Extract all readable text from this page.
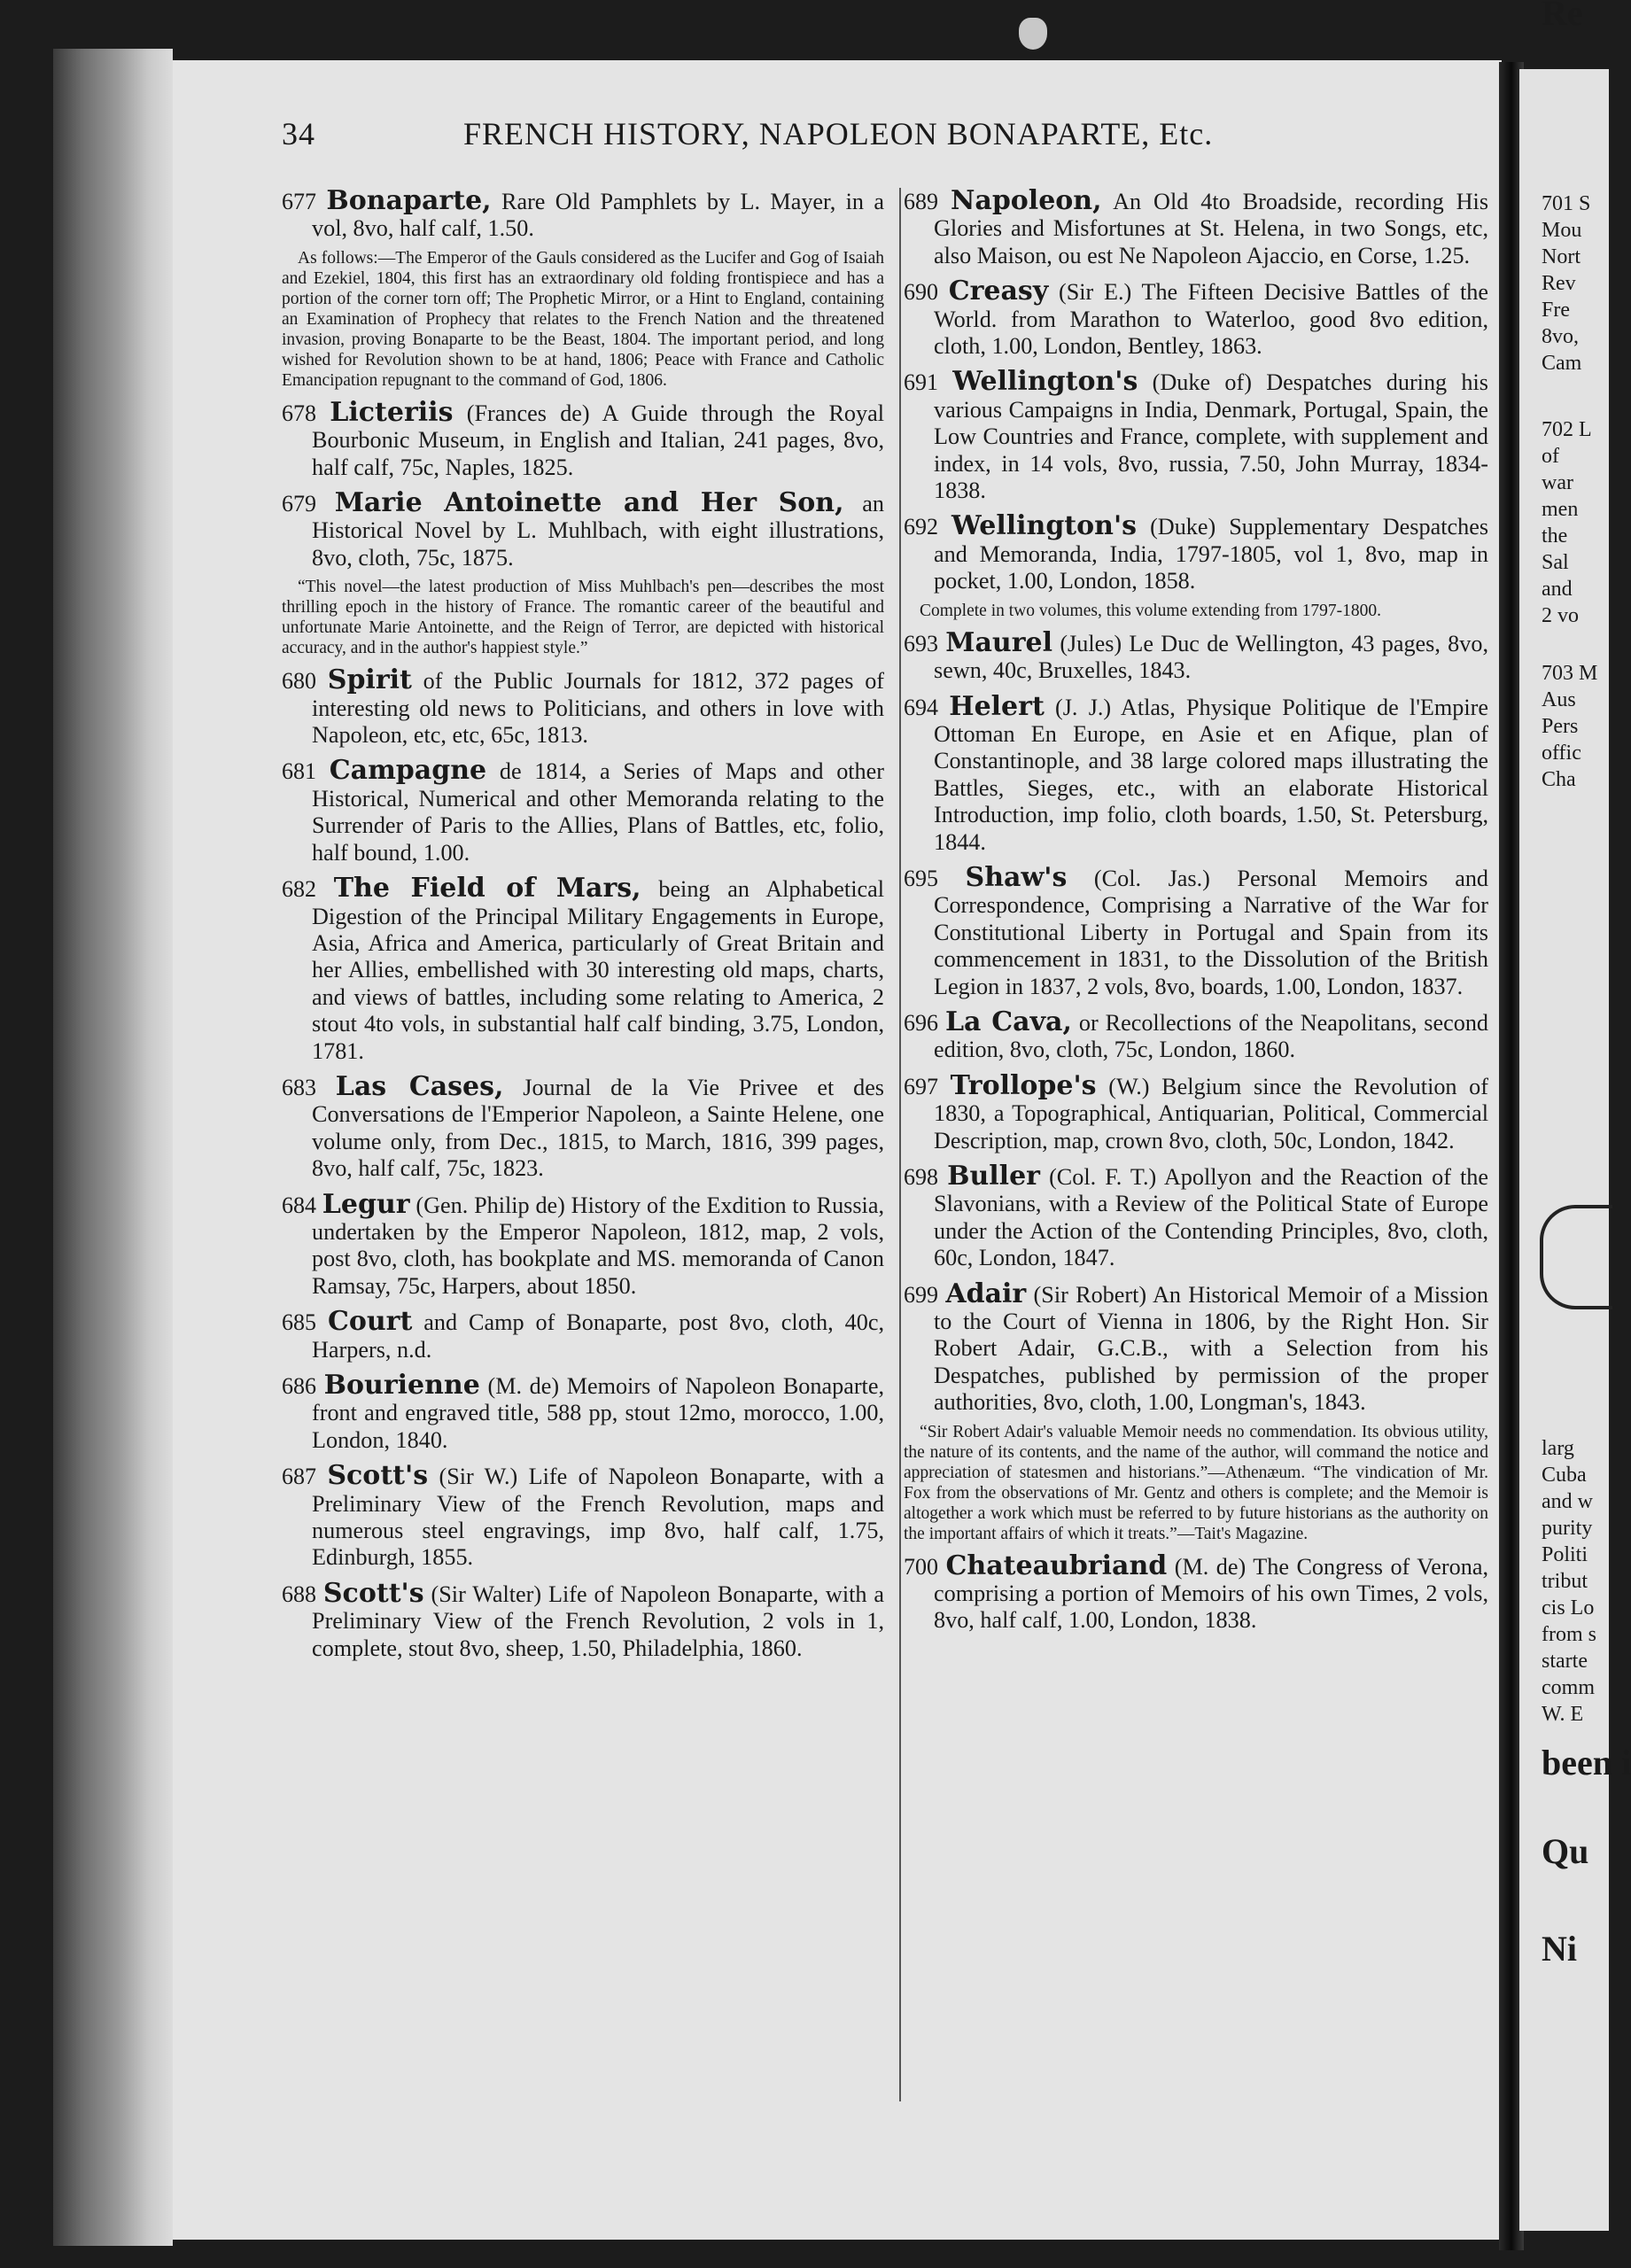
34	FRENCH HISTORY, NAPOLEON BONAPARTE, Etc.
677 Bonaparte, Rare Old Pamphlets by L. Mayer, in a vol, 8vo, half calf, 1.50.
As follows:—The Emperor of the Gauls considered as the Lucifer and Gog of Isaiah and Ezekiel, 1804, this first has an extraordinary old folding frontispiece and has a portion of the corner torn off; The Prophetic Mirror, or a Hint to England, containing an Examination of Prophecy that relates to the French Nation and the threatened invasion, proving Bonaparte to be the Beast, 1804. The important period, and long wished for Revolution shown to be at hand, 1806; Peace with France and Catholic Emancipation repugnant to the command of God, 1806.
678 Licteriis (Frances de) A Guide through the Royal Bourbonic Museum, in English and Italian, 241 pages, 8vo, half calf, 75c, Naples, 1825.
679 Marie Antoinette and Her Son, an Historical Novel by L. Muhlbach, with eight illustrations, 8vo, cloth, 75c, 1875.
“This novel—the latest production of Miss Muhlbach's pen—describes the most thrilling epoch in the history of France. The romantic career of the beautiful and unfortunate Marie Antoinette, and the Reign of Terror, are depicted with historical accuracy, and in the author's happiest style.”
680 Spirit of the Public Journals for 1812, 372 pages of interesting old news to Politicians, and others in love with Napoleon, etc, etc, 65c, 1813.
681 Campagne de 1814, a Series of Maps and other Historical, Numerical and other Memoranda relating to the Surrender of Paris to the Allies, Plans of Battles, etc, folio, half bound, 1.00.
682 The Field of Mars, being an Alphabetical Digestion of the Principal Military Engagements in Europe, Asia, Africa and America, particularly of Great Britain and her Allies, embellished with 30 interesting old maps, charts, and views of battles, including some relating to America, 2 stout 4to vols, in substantial half calf binding, 3.75, London, 1781.
683 Las Cases, Journal de la Vie Privee et des Conversations de l'Emperior Napoleon, a Sainte Helene, one volume only, from Dec., 1815, to March, 1816, 399 pages, 8vo, half calf, 75c, 1823.
684 Legur (Gen. Philip de) History of the Exdition to Russia, undertaken by the Emperor Napoleon, 1812, map, 2 vols, post 8vo, cloth, has bookplate and MS. memoranda of Canon Ramsay, 75c, Harpers, about 1850.
685 Court and Camp of Bonaparte, post 8vo, cloth, 40c, Harpers, n.d.
686 Bourienne (M. de) Memoirs of Napoleon Bonaparte, front and engraved title, 588 pp, stout 12mo, morocco, 1.00, London, 1840.
687 Scott's (Sir W.) Life of Napoleon Bonaparte, with a Preliminary View of the French Revolution, maps and numerous steel engravings, imp 8vo, half calf, 1.75, Edinburgh, 1855.
688 Scott's (Sir Walter) Life of Napoleon Bonaparte, with a Preliminary View of the French Revolution, 2 vols in 1, complete, stout 8vo, sheep, 1.50, Philadelphia, 1860.
689 Napoleon, An Old 4to Broadside, recording His Glories and Misfortunes at St. Helena, in two Songs, etc, also Maison, ou est Ne Napoleon Ajaccio, en Corse, 1.25.
690 Creasy (Sir E.) The Fifteen Decisive Battles of the World. from Marathon to Waterloo, good 8vo edition, cloth, 1.00, London, Bentley, 1863.
691 Wellington's (Duke of) Despatches during his various Campaigns in India, Denmark, Portugal, Spain, the Low Countries and France, complete, with supplement and index, in 14 vols, 8vo, russia, 7.50, John Murray, 1834-1838.
692 Wellington's (Duke) Supplementary Despatches and Memoranda, India, 1797-1805, vol 1, 8vo, map in pocket, 1.00, London, 1858.
Complete in two volumes, this volume extending from 1797-1800.
693 Maurel (Jules) Le Duc de Wellington, 43 pages, 8vo, sewn, 40c, Bruxelles, 1843.
694 Helert (J. J.) Atlas, Physique Politique de l'Empire Ottoman En Europe, en Asie et en Afique, plan of Constantinople, and 38 large colored maps illustrating the Battles, Sieges, etc., with an elaborate Historical Introduction, imp folio, cloth boards, 1.50, St. Petersburg, 1844.
695 Shaw's (Col. Jas.) Personal Memoirs and Correspondence, Comprising a Narrative of the War for Constitutional Liberty in Portugal and Spain from its commencement in 1831, to the Dissolution of the British Legion in 1837, 2 vols, 8vo, boards, 1.00, London, 1837.
696 La Cava, or Recollections of the Neapolitans, second edition, 8vo, cloth, 75c, London, 1860.
697 Trollope's (W.) Belgium since the Revolution of 1830, a Topographical, Antiquarian, Political, Commercial Description, map, crown 8vo, cloth, 50c, London, 1842.
698 Buller (Col. F. T.) Apollyon and the Reaction of the Slavonians, with a Review of the Political State of Europe under the Action of the Contending Principles, 8vo, cloth, 60c, London, 1847.
699 Adair (Sir Robert) An Historical Memoir of a Mission to the Court of Vienna in 1806, by the Right Hon. Sir Robert Adair, G.C.B., with a Selection from his Despatches, published by permission of the proper authorities, 8vo, cloth, 1.00, Longman's, 1843.
“Sir Robert Adair's valuable Memoir needs no commendation. Its obvious utility, the nature of its contents, and the name of the author, will command the notice and appreciation of statesmen and historians.”—Athenæum. “The vindication of Mr. Fox from the observations of Mr. Gentz and others is complete; and the Memoir is altogether a work which must be referred to by future historians as the authority on the important affairs of which it treats.”—Tait's Magazine.
700 Chateaubriand (M. de) The Congress of Verona, comprising a portion of Memoirs of his own Times, 2 vols, 8vo, half calf, 1.00, London, 1838.
701 S
Mou
Nort
Rev
Fre
8vo,
Cam
702 L
of
war
men
the
Sal
and
2 vo
703 M
Aus
Pers
offic
Cha
larg
Cuba
and w
purity
Politi
tribut
cis Lo
from s
starte
comm
W. E
been i
Qu
Ni
Re
